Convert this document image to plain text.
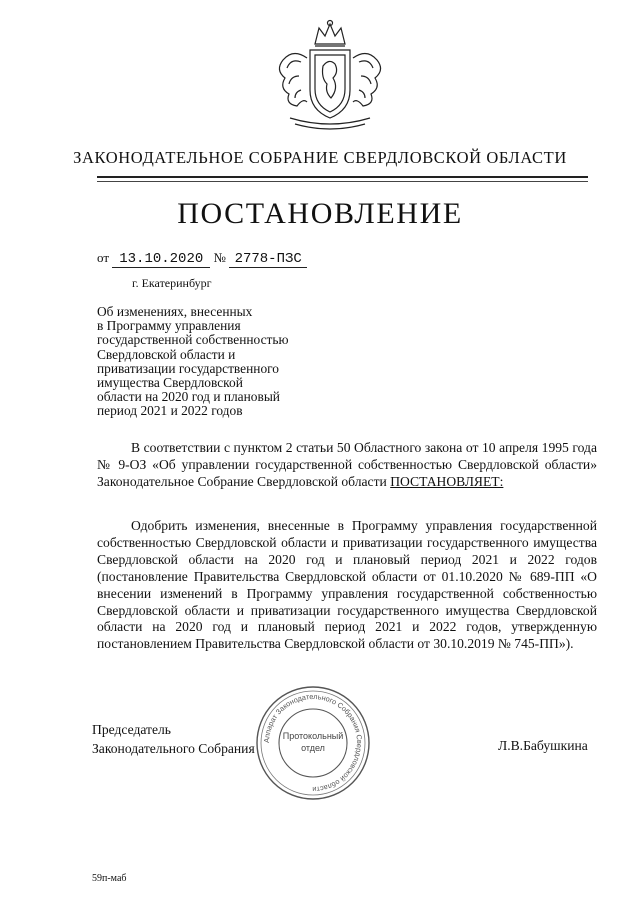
ЗАКОНОДАТЕЛЬНОЕ СОБРАНИЕ СВЕРДЛОВСКОЙ ОБЛАСТИ
ПОСТАНОВЛЕНИЕ
от 13.10.2020 № 2778-ПЗС
г. Екатеринбург
Об изменениях, внесенных
в Программу управления
государственной собственностью
Свердловской области и
приватизации государственного
имущества Свердловской
области на 2020 год и плановый
период 2021 и 2022 годов
В соответствии с пунктом 2 статьи 50 Областного закона от 10 апреля 1995 года № 9-ОЗ «Об управлении государственной собственностью Свердловской области» Законодательное Собрание Свердловской области ПОСТАНОВЛЯЕТ:
Одобрить изменения, внесенные в Программу управления государственной собственностью Свердловской области и приватизации государственного имущества Свердловской области на 2020 год и плановый период 2021 и 2022 годов (постановление Правительства Свердловской области от 01.10.2020 № 689-ПП «О внесении изменений в Программу управления государственной собственностью Свердловской области и приватизации государственного имущества Свердловской области на 2020 год и плановый период 2021 и 2022 годов, утвержденную постановлением Правительства Свердловской области от 30.10.2019 № 745-ПП»).
Председатель
Законодательного Собрания	Л.В.Бабушкина
Аппарат Законодательного Собрания Свердловской области
Протокольный
отдел
59п-маб
